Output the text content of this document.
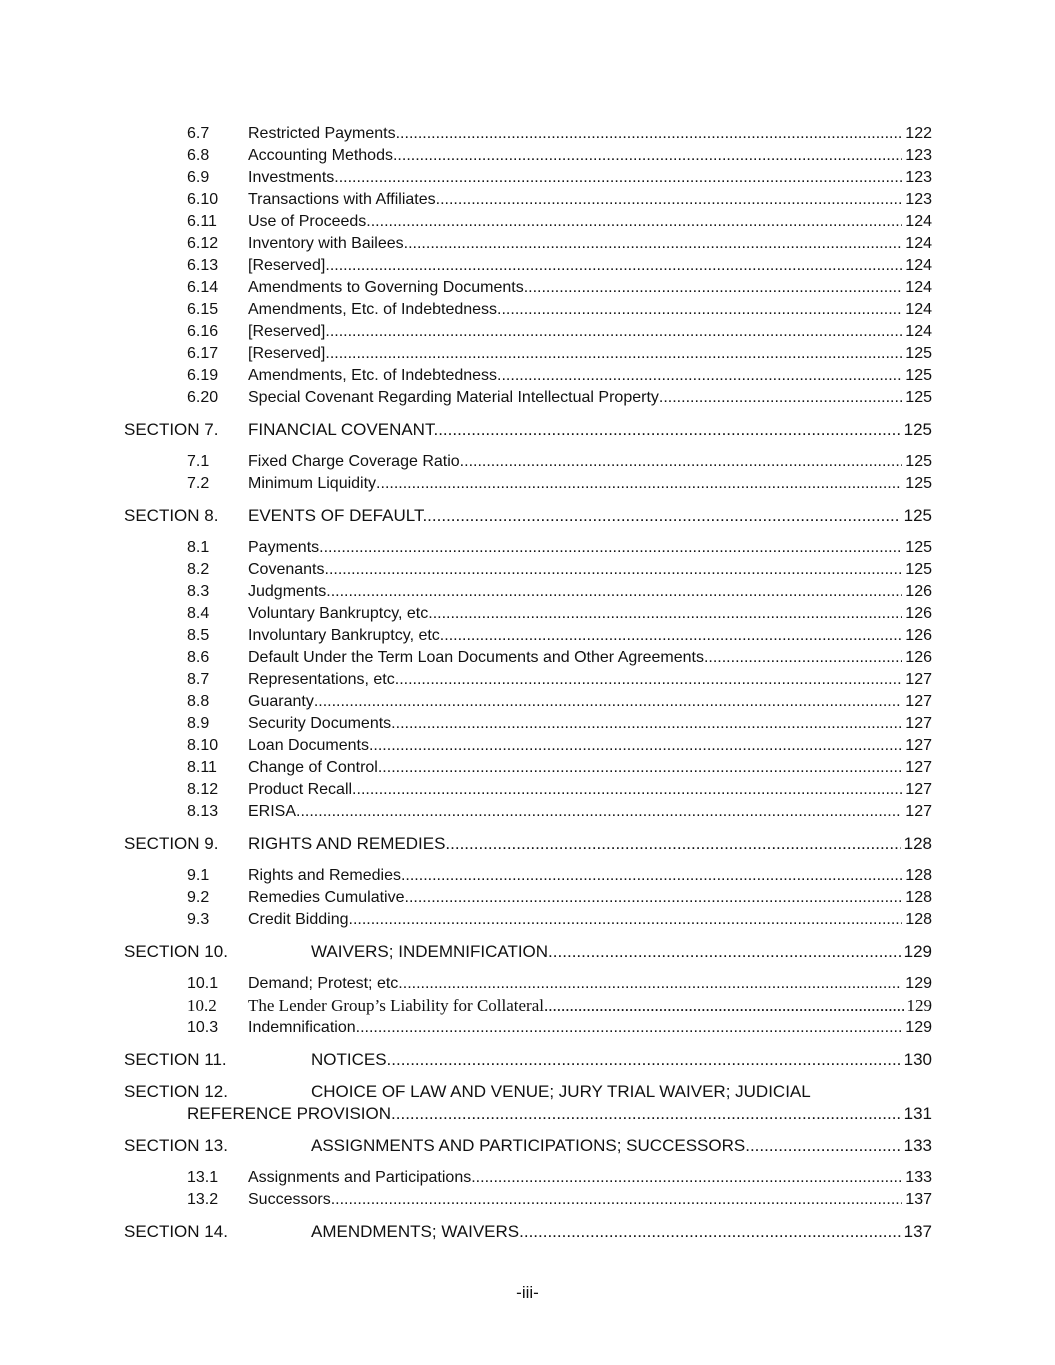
6.7	Restricted Payments .....	122
6.8	Accounting Methods .....	123
6.9	Investments .....	123
6.10	Transactions with Affiliates .....	123
6.11	Use of Proceeds .....	124
6.12	Inventory with Bailees .....	124
6.13	[Reserved]. .....	124
6.14	Amendments to Governing Documents .....	124
6.15	Amendments, Etc. of Indebtedness .....	124
6.16	[Reserved]. .....	124
6.17	[Reserved]. .....	125
6.19	Amendments, Etc. of Indebtedness .....	125
6.20	Special Covenant Regarding Material Intellectual Property .....	125
SECTION 7.	FINANCIAL COVENANT. .....	125
7.1	Fixed Charge Coverage Ratio .....	125
7.2	Minimum Liquidity .....	125
SECTION 8.	EVENTS OF DEFAULT. .....	125
8.1	Payments .....	125
8.2	Covenants .....	125
8.3	Judgments .....	126
8.4	Voluntary Bankruptcy, etc .....	126
8.5	Involuntary Bankruptcy, etc .....	126
8.6	Default Under the Term Loan Documents and Other Agreements .....	126
8.7	Representations, etc .....	127
8.8	Guaranty .....	127
8.9	Security Documents .....	127
8.10	Loan Documents .....	127
8.11	Change of Control .....	127
8.12	Product Recall .....	127
8.13	ERISA .....	127
SECTION 9.	RIGHTS AND REMEDIES. .....	128
9.1	Rights and Remedies .....	128
9.2	Remedies Cumulative .....	128
9.3	Credit Bidding .....	128
SECTION 10.	WAIVERS; INDEMNIFICATION. .....	129
10.1	Demand; Protest; etc .....	129
10.2	The Lender Group’s Liability for Collateral .....	129
10.3	Indemnification .....	129
SECTION 11.	NOTICES. .....	130
SECTION 12.	CHOICE OF LAW AND VENUE; JURY TRIAL WAIVER; JUDICIAL
REFERENCE PROVISION. .....	131
SECTION 13.	ASSIGNMENTS AND PARTICIPATIONS; SUCCESSORS. .....	133
13.1	Assignments and Participations. .....	133
13.2	Successors .....	137
SECTION 14.	AMENDMENTS; WAIVERS. .....	137
-iii-
